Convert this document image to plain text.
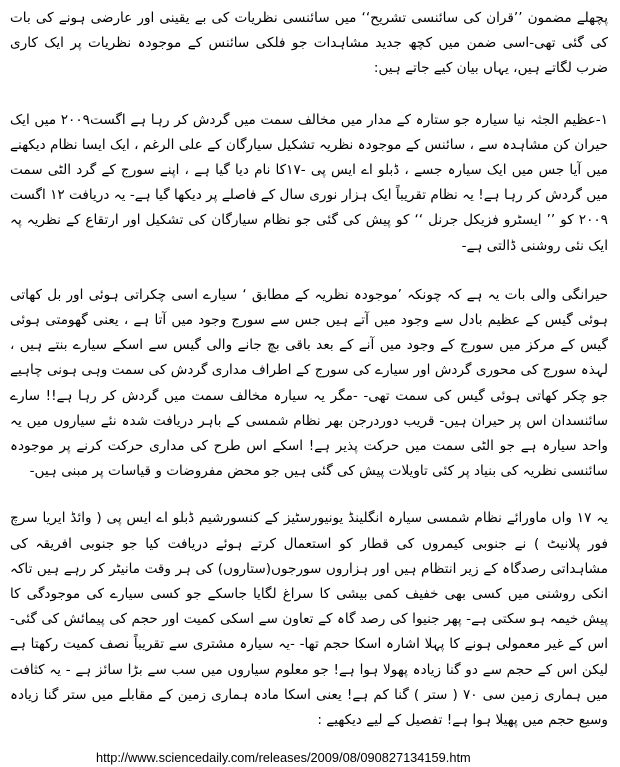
پچھلے مضمون ’’قران کی سائنسی تشریح‘‘ میں سائنسی نظریات کی بے یقینی اور عارضی ہونے کی بات کی گئی تھی-اسی ضمن میں کچھ جدید مشاہدات جو فلکی سائنس کے موجودہ نظریات پر ایک کاری ضرب لگاتے ہیں، یہاں بیان کیے جاتے ہیں:

۱-عظیم الجثہ نیا سیارہ جو ستارہ کے مدار میں مخالف سمت میں گردش کر رہا ہے اگست۲۰۰۹ میں ایک حیران کن مشاہدہ سے ، سائنس کے موجودہ نظریہ تشکیل سیارگان کے علی الرغم ، ایک ایسا نظام دیکھنے میں آیا جس میں ایک سیارہ جسے ، ڈبلو اے ایس پی -۱۷کا نام دیا گیا ہے ، اپنے سورج کے گرد الٹی سمت میں گردش کر رہا ہے! یہ نظام تقریباً ایک ہزار نوری سال کے فاصلے پر دیکھا گیا ہے- یہ دریافت ۱۲ اگست ۲۰۰۹ کو ’’ ایسٹرو فزیکل جرنل ‘‘ کو پیش کی گئی جو نظام سیارگان کی تشکیل اور ارتقاع کے نظریہ پہ ایک نئی روشنی ڈالتی ہے-

حیرانگی والی بات یہ ہے کہ چونکہ ’موجودہ نظریہ کے مطابق ‘ سیارے اسی چکراتی ہوئی اور بل کھاتی ہوئی گیس کے عظیم بادل سے وجود میں آتے ہیں جس سے سورج وجود میں آتا ہے ، یعنی گھومتی ہوئی گیس کے مرکز میں سورج کے وجود میں آنے کے بعد باقی بچ جانے والی گیس سے اسکے سیارے بنتے ہیں ، لہذہ سورج کی محوری گردش اور سیارے کی سورج کے اطراف مداری گردش کی سمت وہی ہونی چاہیے جو چکر کھاتی ہوئی گیس کی سمت تھی- -مگر یہ سیارہ مخالف سمت میں گردش کر رہا ہے!! سارے سائنسدان اس پر حیران ہیں- قریب دوردرجن بھر نظام شمسی کے باہر دریافت شدہ نئے سیاروں میں یہ واحد سیارہ ہے جو الٹی سمت میں حرکت پذیر ہے! اسکے اس طرح کی مداری حرکت کرنے پر موجودہ سائنسی نظریہ کی بنیاد پر کئی تاویلات پیش کی گئی ہیں جو محض مفروضات و قیاسات پر مبنی ہیں-

یہ ۱۷ واں ماورائے نظام شمسی سیارہ انگلینڈ یونیورسٹیز کے کنسورشیم ڈبلو اے ایس پی ( وائڈ ایریا سرچ فور پلانیٹ ) نے جنوبی کیمروں کی قطار کو استعمال کرتے ہوئے دریافت کیا جو جنوبی افریقہ کی مشاہداتی رصدگاہ کے زیر انتظام ہیں اور ہزاروں سورجوں(ستاروں) کی ہر وقت مانیٹر کر رہے ہیں تاکہ انکی روشنی میں کسی بھی خفیف کمی بیشی کا سراغ لگایا جاسکے جو کسی سیارے کی موجودگی کا پیش خیمہ ہو سکتی ہے- پھر جنیوا کی رصد گاہ کے تعاون سے اسکی کمیت اور حجم کی پیمائش کی گئی- اس کے غیر معمولی ہونے کا پہلا اشارہ اسکا حجم تھا- -یہ سیارہ مشتری سے تقریباً نصف کمیت رکھتا ہے لیکن اس کے حجم سے دو گنا زیادہ پھولا ہوا ہے! جو معلوم سیاروں میں سب سے بڑا سائز ہے - یہ کثافت میں ہماری زمین سی ۷۰ ( ستر ) گنا کم ہے! یعنی اسکا مادہ ہماری زمین کے مقابلے میں ستر گنا زیادہ وسیع حجم میں پھیلا ہوا ہے! تفصیل کے لیے دیکھیے :

http://www.sciencedaily.com/releases/2009/08/090827134159.htm
